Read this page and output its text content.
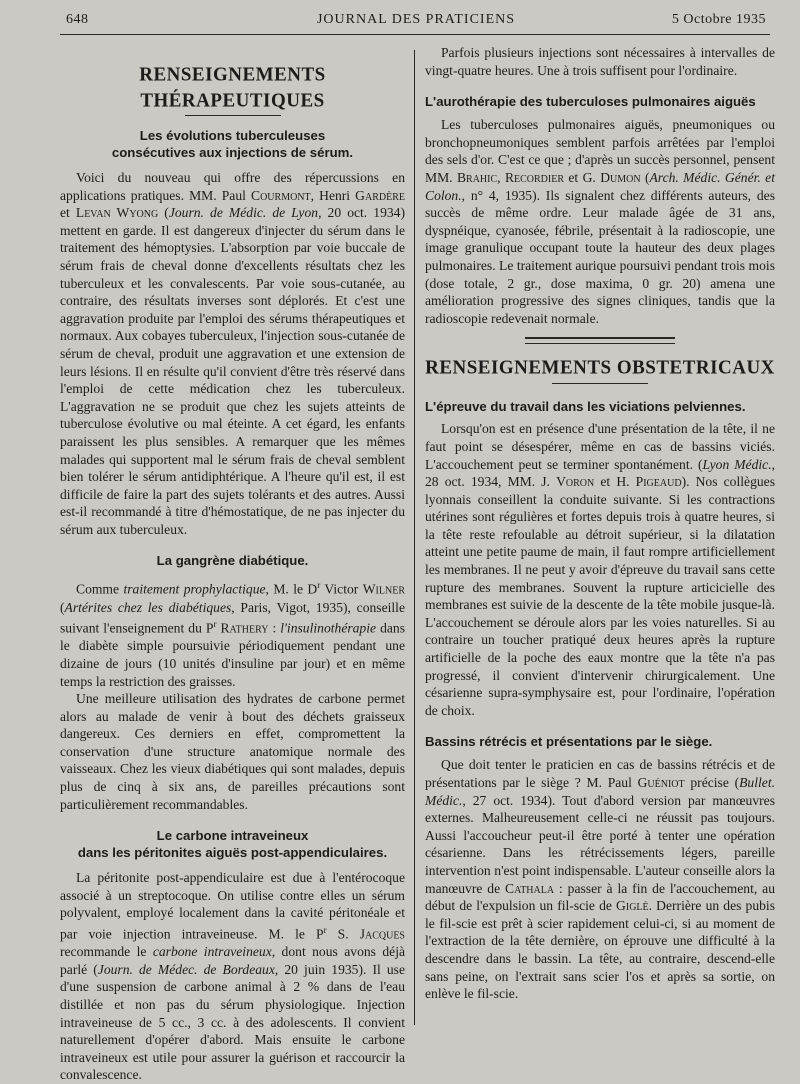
648	JOURNAL DES PRATICIENS	5 Octobre 1935
RENSEIGNEMENTS THÉRAPEUTIQUES
Les évolutions tuberculeuses
consécutives aux injections de sérum.

Voici du nouveau qui offre des répercussions en applications pratiques. MM. Paul Courmont, Henri Gardère et Levan Wyong (Journ. de Médic. de Lyon, 20 oct. 1934) mettent en garde. Il est dangereux d'injecter du sérum dans le traitement des hémoptysies. L'absorption par voie buccale de sérum frais de cheval donne d'excellents résultats chez les tuberculeux et les convalescents. Par voie sous-cutanée, au contraire, des résultats inverses sont déplorés. Et c'est une aggravation produite par l'emploi des sérums thérapeutiques et normaux. Aux cobayes tuberculeux, l'injection sous-cutanée de sérum de cheval, produit une aggravation et une extension de leurs lésions. Il en résulte qu'il convient d'être très réservé dans l'emploi de cette médication chez les tuberculeux. L'aggravation ne se produit que chez les sujets atteints de tuberculose évolutive ou mal éteinte. A cet égard, les enfants paraissent les plus sensibles. A remarquer que les mêmes malades qui supportent mal le sérum frais de cheval semblent bien tolérer le sérum antidiphtérique. A l'heure qu'il est, il est difficile de faire la part des sujets tolérants et des autres. Aussi est-il recommandé à titre d'hémostatique, de ne pas injecter du sérum aux tuberculeux.

La gangrène diabétique.

Comme traitement prophylactique, M. le $D^r$ Victor Wilner (Artérites chez les diabétiques, Paris, Vigot, 1935), conseille suivant l'enseignement du $P^r$ Rathery : l'insulinothérapie dans le diabète simple poursuivie périodiquement pendant une dizaine de jours (10 unités d'insuline par jour) et en même temps la restriction des graisses.

Une meilleure utilisation des hydrates de carbone permet alors au malade de venir à bout des déchets graisseux dangereux. Ces derniers en effet, compromettent la conservation d'une structure anatomique normale des vaisseaux. Chez les vieux diabétiques qui sont malades, depuis plus de cinq à six ans, de pareilles précautions sont particulièrement recommandables.

Le carbone intraveineux
dans les péritonites aiguës post-appendiculaires.

La péritonite post-appendiculaire est due à l'entérocoque associé à un streptocoque. On utilise contre elles un sérum polyvalent, employé localement dans la cavité péritonéale et par voie injection intraveineuse. M. le $P^r$ S. Jacques recommande le carbone intraveineux, dont nous avons déjà parlé (Journ. de Médec. de Bordeaux, 20 juin 1935). Il use d'une suspension de carbone animal à 2 % dans de l'eau distillée et non pas du sérum physiologique. Injection intraveineuse de 5 cc., 3 cc. à des adolescents. Il convient naturellement d'opérer d'abord. Mais ensuite le carbone intraveineux est utile pour assurer la guérison et raccourcir la convalescence.

Parfois plusieurs injections sont nécessaires à intervalles de vingt-quatre heures. Une à trois suffisent pour l'ordinaire.

L'aurothérapie des tuberculoses pulmonaires aiguës

Les tuberculoses pulmonaires aiguës, pneumoniques ou bronchopneumoniques semblent parfois arrêtées par l'emploi des sels d'or. C'est ce que ; d'après un succès personnel, pensent MM. Brahic, Recordier et G. Dumon (Arch. Médic. Génér. et Colon., n° 4, 1935). Ils signalent chez différents auteurs, des succès de même ordre. Leur malade âgée de 31 ans, dyspnéique, cyanosée, fébrile, présentait à la radioscopie, une image granulique occupant toute la hauteur des deux plages pulmonaires. Le traitement aurique poursuivi pendant trois mois (dose totale, 2 gr., dose maxima, 0 gr. 20) amena une amélioration progressive des signes cliniques, tandis que la radioscopie redevenait normale.

RENSEIGNEMENTS OBSTETRICAUX
L'épreuve du travail dans les viciations pelviennes.

Lorsqu'on est en présence d'une présentation de la tête, il ne faut point se désespérer, même en cas de bassins viciés. L'accouchement peut se terminer spontanément. (Lyon Médic., 28 oct. 1934, MM. J. Voron et H. Pigeaud). Nos collègues lyonnais conseillent la conduite suivante. Si les contractions utérines sont régulières et fortes depuis trois à quatre heures, si la tête reste refoulable au détroit supérieur, si la dilatation atteint une petite paume de main, il faut rompre artificiellement les membranes. Il ne peut y avoir d'épreuve du travail sans cette rupture des membranes. Souvent la rupture articicielle des membranes est suivie de la descente de la tête mobile jusque-là. L'accouchement se déroule alors par les voies naturelles. Si au contraire un toucher pratiqué deux heures après la rupture artificielle de la poche des eaux montre que la tête n'a pas progressé, il convient d'intervenir chirurgicalement. Une césarienne supra-symphysaire est, pour l'ordinaire, l'opération de choix.

Bassins rétrécis et présentations par le siège.

Que doit tenter le praticien en cas de bassins rétrécis et de présentations par le siège ? M. Paul Guéniot précise (Bullet. Médic., 27 oct. 1934). Tout d'abord version par manœuvres externes. Malheureusement celle-ci ne réussit pas toujours. Aussi l'accoucheur peut-il être porté à tenter une opération césarienne. Dans les rétrécissements légers, pareille intervention n'est point indispensable. L'auteur conseille alors la manœuvre de Cathala : passer à la fin de l'accouchement, au début de l'expulsion un fil-scie de Giglé. Derrière un des pubis le fil-scie est prêt à scier rapidement celui-ci, si au moment de l'extraction de la tête dernière, on éprouve une difficulté à la descendre dans le bassin. La tête, au contraire, descend-elle sans peine, on l'extrait sans scier l'os et après sa sortie, on enlève le fil-scie.
